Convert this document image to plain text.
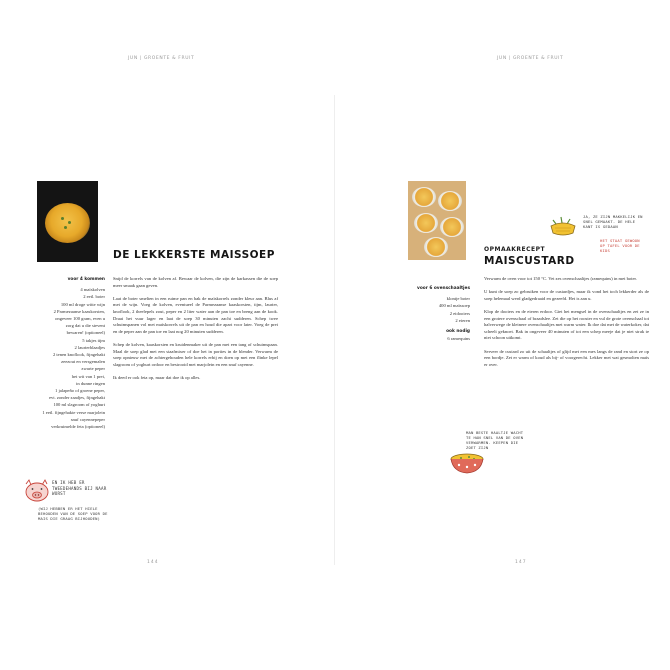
JUN | GROENTE & FRUIT	JUN | GROENTE & FRUIT
DE LEKKERSTE MAISSOEP
voor 4 kommen
4 maïskolven
2 eetl. boter
100 ml droge witte wijn
2 Parmezaanse kaaskorsten,
ongeveer 100 gram, even u
zorg dat u die stevent
bewaren! (optioneel)
5 takjes tijm
2 laurierblaadjes
2 tenen knoflook, fijngehakt
zeezout en versgemalen
zwarte peper
het wit van 1 prei,
in dunne ringen
1 jalapeño of groene peper,
evt. zonder zaadjes, fijngehakt
100 ml slagroom of yoghurt
1 eetl. fijngehakte verse marjolein
snuf cayennepeper
verkruimelde feta (optioneel)

Snijd de korrels van de kolven af. Bewaar de kolven, die zijn de karkassen die de soep meer smaak gaan geven.

Laat de boter smelten in een ruime pan en bak de maïskorrels zonder kleur aan. Blus af met de wijn. Voeg de kolven, eventueel de Parmezaanse kaaskorsten, tijm, laurier, knoflook, 2 theelepels zout, peper en 2 liter water aan de pan toe en breng aan de kook. Draai het vuur lager en laat de soep 30 minuten zacht sudderen. Schep twee schuimspanen vol met maïskorrels uit de pan en houd die apart voor later. Voeg de prei en de peper aan de pan toe en laat nog 20 minuten sudderen.

Schep de kolven, kaaskorsten en kruidenmaker uit de pan met een tang of schuimspaan. Maal de soep glad met een staafmixer of doe het in porties in de blender. Verwarm de soep opnieuw met de achtergehouden hele korrels erbij en doen op met een flinke lepel slagroom of yoghurt ordoor en bestrooid met marjolein en een snuf cayenne.

Ik deed er ook feta op, maar dat doe ik op alles.

EN IK HEB ER TWEEDEHANDS BIJ NAAR WORST
(WIJ HEBBEN ER HET HIELE BEHOUDEN VAN DE SOEP VOOR DE MAIS DIE GRAAG BIJHOUDEN)
144
OPMAAKRECEPT
MAISCUSTARD
JA, ZE ZIJN MAKKELIJK EN SNEL GEMAAKT. DE HELE KANT IS GEDAAN
HET STAAT GEWOON OP TAFEL VOOR DE KIDS
voor 6 ovenschaaltjes
klontje boter
400 ml maïssoep
2 eidooiers
2 eieren
ook nodig
6 ramequins

Verwarm de oven voor tot 150 °C. Vet zes ovenschaaltjes (ramequins) in met boter.

U kunt de soep zo gebruiken voor de custardjes, maar ik vond het toch lekkerder als de soep helemaal werd gladgedraaid en gezeefd. Het is aan u.

Klop de dooiers en de eieren erdoor. Giet het mengsel in de ovenschaaltjes en zet ze in een grotere ovenschaal of braadslee. Zet die op het rooster en vul de grote ovenschaal tot halverwege de kleinere ovenschaaltjes met warm water. Ik doe dat met de waterkoker, dat scheelt geknoei. Bak in ongeveer 40 minuten of tot een schep meeje dat je niet strak te niet schoon uitkomt.

Serveer de custard zo uit de schaaltjes of glijd met een mes langs de rand en stort ze op een bordje. Zet er warm of koud als bij- of voorgerecht. Lekker met wat gesmolten maïs er over.

MAN BESTE HAALTJE WACHT TE HAN SNEL VAN DE OVEN VERWARMEN. KEEPEN DIE ZOET ZIJN
147
